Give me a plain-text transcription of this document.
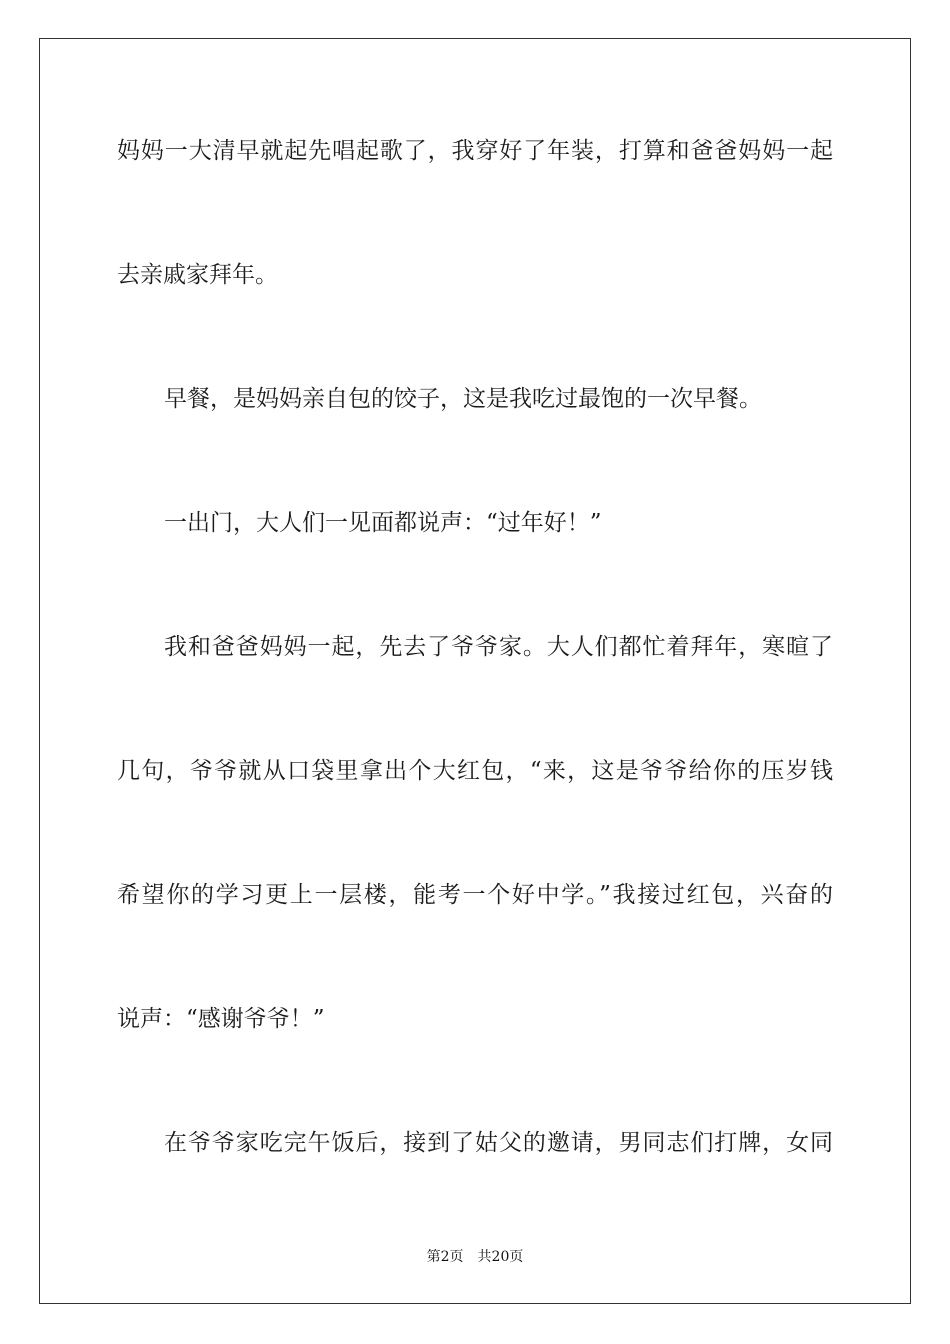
妈妈一大清早就起先唱起歌了，我穿好了年装，打算和爸爸妈妈一起
去亲戚家拜年。
早餐，是妈妈亲自包的饺子，这是我吃过最饱的一次早餐。
一出门，大人们一见面都说声：“过年好！”
我和爸爸妈妈一起，先去了爷爷家。大人们都忙着拜年，寒暄了
几句，爷爷就从口袋里拿出个大红包，“来，这是爷爷给你的压岁钱
希望你的学习更上一层楼，能考一个好中学。”我接过红包，兴奋的
说声：“感谢爷爷！”
在爷爷家吃完午饭后，接到了姑父的邀请，男同志们打牌，女同
第2页 共20页
